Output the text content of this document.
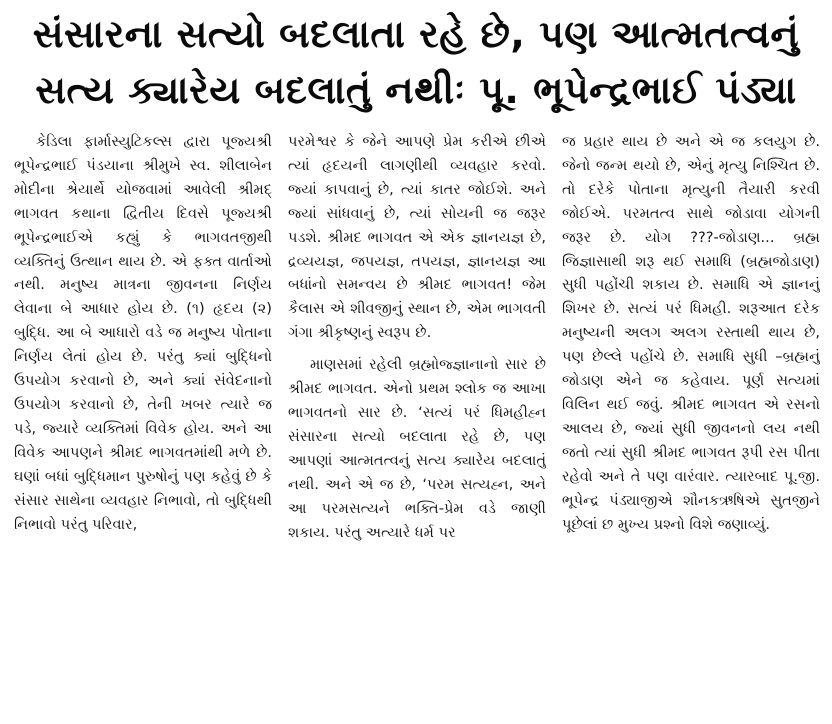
સંસારના સત્યો બદલાતા રહે છે, પણ આત્મતત્વનું
સત્ય ક્યારેય બદલાતું નથીઃ પૂ. ભૂપેન્દ્રભાઈ પંડ્યા

કેડિલા ફાર્માસ્યુટિકલ્સ દ્વારા પૂજ્યશ્રી ભૂપેન્દ્રભાઈ પંડયાના શ્રીમુખે સ્વ. શીલાબેન મોદીના શ્રેયાર્થે યોજવામાં આવેલી શ્રીમદ્ ભાગવત કથાના દ્વિતીય દિવસે પૂજ્યશ્રી ભૂપેન્દ્રભાઈએ કહ્યું કે ભાગવતજીથી વ્યક્તિનું ઉત્થાન થાય છે. એ ફક્ત વાર્તાઓ નથી. મનુષ્ય માત્રના જીવનના નિર્ણય લેવાના બે આધાર હોય છે. (૧) હૃદય (૨) બુદ્ધિ. આ બે આધારો વડે જ મનુષ્ય પોતાના નિર્ણય લેતાં હોય છે. પરંતુ ક્યાં બુદ્ધિનો ઉપયોગ કરવાનો છે, અને ક્યાં સંવેદનાનો ઉપયોગ કરવાનો છે, તેની ખબર ત્યારે જ પડે, જ્યારે વ્યક્તિમાં વિવેક હોય. અને આ વિવેક આપણને શ્રીમદ ભાગવતમાંથી મળે છે. ઘણાં બધાં બુદ્ધિમાન પુરુષોનું પણ કહેવું છે કે સંસાર સાથેના વ્યવહાર નિભાવો, તો બુદ્ધિથી નિભાવો પરંતુ પરિવાર,

પરમેશ્વર કે જેને આપણે પ્રેમ કરીએ છીએ ત્યાં હૃદયની લાગણીથી વ્યવહાર કરવો. જ્યાં કાપવાનું છે, ત્યાં કાતર જોઈશે. અને જ્યાં સાંધવાનું છે, ત્યાં સોયની જ જરૂર પડશે. શ્રીમદ ભાગવત એ એક જ્ઞાનયજ્ઞ છે, દ્રવ્યયજ્ઞ, જપયજ્ઞ, તપયજ્ઞ, જ્ઞાનયજ્ઞ આ બધાંનો સમન્વય છે શ્રીમદ ભાગવત! જેમ કૈલાસ એ શીવજીનું સ્થાન છે, એમ ભાગવતી ગંગા શ્રીકૃષ્ણનું સ્વરૂપ છે.

માણસમાં રહેલી બ્રહ્મોજ્જ્ઞાનાનો સાર છે શ્રીમદ ભાગવત. એનો પ્રથમ શ્લોક જ આખા ભાગવતનો સાર છે. ‘સત્યં પરં ધિમહીહ્ન સંસારના સત્યો બદલાતા રહે છે, પણ આપણાં આત્મતત્વનું સત્ય ક્યારેય બદલાતું નથી. અને એ જ છે, ‘પરમ સત્યહ્ન, અને આ પરમસત્યને ભક્તિ-પ્રેમ વડે જાણી શકાય. પરંતુ અત્યારે ધર્મ પર

જ પ્રહાર થાય છે અને એ જ કલયુગ છે. જેનો જન્મ થયો છે, એનું મૃત્યુ નિશ્ચિત છે. તો દરેકે પોતાના મૃત્યુની તૈયારી કરવી જોઈએ. પરમતત્વ સાથે જોડાવા યોગની જરૂર છે. યોગ ???-જોડાણ... બ્રહ્મ જિજ્ઞાસાથી શરૂ થઈ સમાધિ (બ્રહ્મજોડાણ) સુધી પહોંચી શકાય છે. સમાધિ એ જ્ઞાનનું શિખર છે. સત્યં પરં ધિમહી. શરૂઆત દરેક મનુષ્યની અલગ અલગ રસ્તાથી થાય છે, પણ છેલ્લે પહોંચે છે. સમાધિ સુધી –બ્રહ્મનું જોડાણ એને જ કહેવાય. પૂર્ણ સત્યમાં વિલિન થઈ જવું. શ્રીમદ ભાગવત એ રસનો આલય છે, જ્યાં સુધી જીવનનો લય નથી જતો ત્યાં સુધી શ્રીમદ ભાગવત રૂપી રસ પીતા રહેવો અને તે પણ વારંવાર. ત્યારબાદ પૂ.જી. ભૂપેન્દ્ર પંડ્યાજીએ શૌનકઋષિએ સુતજીને પૂછેલાં છ મુખ્ય પ્રશ્નો વિશે જણાવ્યું.
